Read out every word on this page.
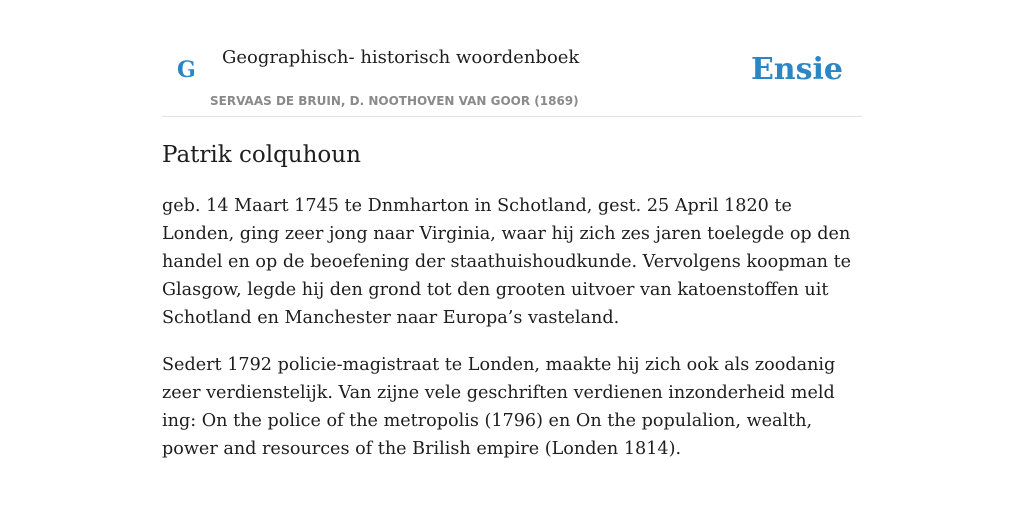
G Geographisch- historisch woordenboek
SERVAAS DE BRUIN, D. NOOTHOVEN VAN GOOR (1869)
Ensie
Patrik colquhoun

geb. 14 Maart 1745 te Dnmharton in Schotland, gest. 25 April 1820 te Londen, ging zeer jong naar Virginia, waar hij zich zes jaren toelegde op den handel en op de beoefening der staathuishoudkunde. Vervolgens koopman te Glasgow, legde hij den grond tot den grooten uitvoer van katoenstoffen uit Schotland en Manchester naar Europa’s vasteland.

Sedert 1792 policie-magistraat te Londen, maakte hij zich ook als zoodanig zeer verdienstelijk. Van zijne vele geschriften verdienen inzonderheid meld ing: On the police of the metropolis (1796) en On the populalion, wealth, power and resources of the Brilish empire (Londen 1814).
